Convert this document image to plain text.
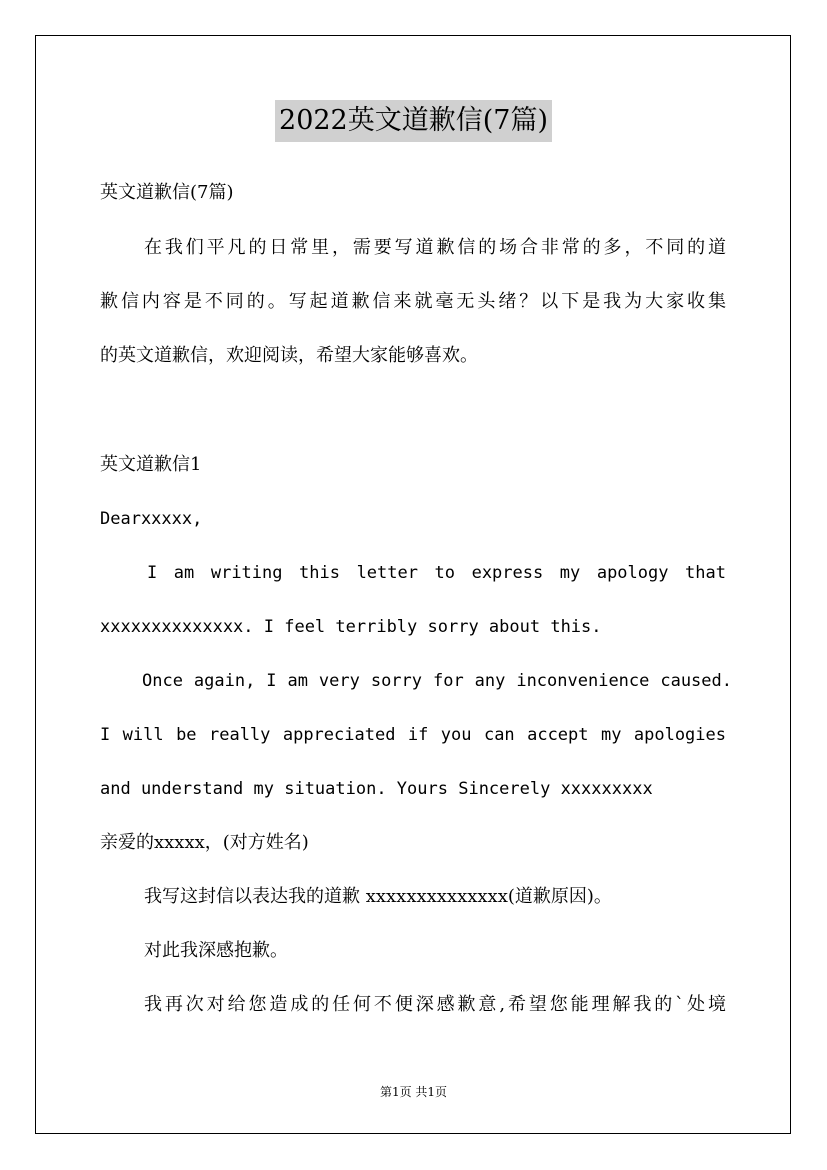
2022英文道歉信(7篇)
英文道歉信(7篇)
在我们平凡的日常里，需要写道歉信的场合非常的多，不同的道
歉信内容是不同的。写起道歉信来就毫无头绪？以下是我为大家收集
的英文道歉信，欢迎阅读，希望大家能够喜欢。
英文道歉信1
Dearxxxxx,
I am writing this letter to express my apology that
xxxxxxxxxxxxxx. I feel terribly sorry about this.
Once again, I am very sorry for any inconvenience caused.
I will be really appreciated if you can accept my apologies
and understand my situation. Yours Sincerely xxxxxxxxx
亲爱的xxxxx，(对方姓名)
我写这封信以表达我的道歉 xxxxxxxxxxxxxx(道歉原因)。
对此我深感抱歉。
我再次对给您造成的任何不便深感歉意,希望您能理解我的`处境
第1页 共1页
